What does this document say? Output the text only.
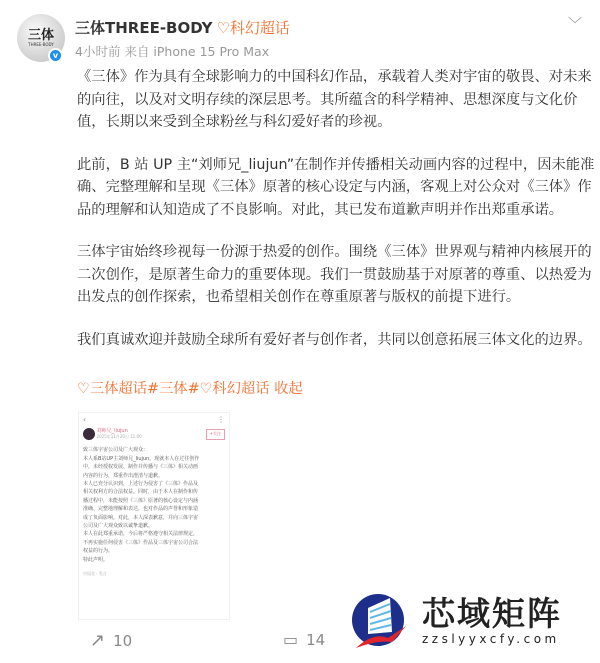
三体
THREE-BODY
v
三体THREE-BODY ♡科幻超话
4小时前 来自 iPhone 15 Pro Max
﹀
《三体》作为具有全球影响力的中国科幻作品，承载着人类对宇宙的敬畏、对未来
的向往，以及对文明存续的深层思考。其所蕴含的科学精神、思想深度与文化价
值，长期以来受到全球粉丝与科幻爱好者的珍视。
此前，B 站 UP 主“刘师兄_liujun”在制作并传播相关动画内容的过程中，因未能准
确、完整理解和呈现《三体》原著的核心设定与内涵，客观上对公众对《三体》作
品的理解和认知造成了不良影响。对此，其已发布道歉声明并作出郑重承诺。
三体宇宙始终珍视每一份源于热爱的创作。围绕《三体》世界观与精神内核展开的
二次创作，是原著生命力的重要体现。我们一贯鼓励基于对原著的尊重、以热爱为
出发点的创作探索，也希望相关创作在尊重原著与版权的前提下进行。
我们真诚欢迎并鼓励全球所有爱好者与创作者，共同以创意拓展三体文化的边界。
♡三体超话#三体#♡科幻超话 收起
‹	⋮
刘师兄_liujun
2025年11月20日 11:00
+关注
致三体宇宙公司及广大观众：
本人系B站UP主刘师兄_liujun。现就本人在过往创作
中，未经授权发展、制作并传播与《三体》相关动画
内容的行为，郑重作出澄清与道歉。
本人已充分认识到，上述行为侵害了《三体》作品及
相关权利方的合法权益。同时，由于本人在制作和传
播过程中，未能按照《三体》原著的核心设定与内涵
准确、完整地理解和表达，也对作品的声誉和形象造
成了负面影响。对此，本人深表歉意，并向三体宇宙
公司及广大观众致以诚挚道歉。
本人在此郑重承诺，今后将严格遵守相关法律规定，
不再实施任何侵害《三体》作品及三体宇宙公司合法
权益的行为。
特此声明。
中国北 · 发言
↗ 10	▭ 14
芯域矩阵
zzslyyxcfy.com
